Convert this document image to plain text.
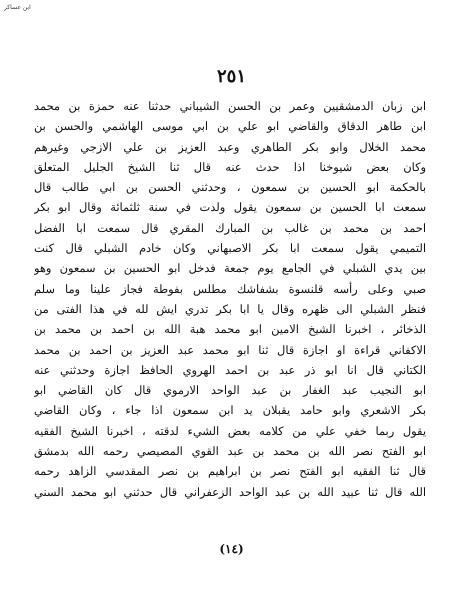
ابن عساكر
٢٥١
ابن زبان الدمشقيين وعمر بن الحسن الشيباني حدثنا عنه حمزة بن محمد
ابن طاهر الدقاق والقاضي ابو علي بن ابي موسى الهاشمي والحسن بن
محمد الخلال وابو بكر الطاهري وعبد العزيز بن علي الازجي وغيرهم
وكان بعض شيوخنا اذا حدث عنه قال ثنا الشيخ الجليل المتعلق
بالحكمة ابو الحسين بن سمعون ، وحدثني الحسن بن ابي طالب قال
سمعت ابا الحسين بن سمعون يقول ولدت في سنة ثلثمائة وقال ابو بكر
احمد بن محمد بن غالب بن المبارك المقري قال سمعت ابا الفضل
التميمي يقول سمعت ابا بكر الاصبهاني وكان خادم الشبلي قال كنت
بين يدي الشبلي في الجامع يوم جمعة فدخل ابو الحسين بن سمعون وهو
صبي وعلى رأسه قلنسوة بشفاشك مطلس بفوطة فجاز علينا وما سلم
فنظر الشبلي الى ظهره وقال يا ابا بكر تدري ايش لله في هذا الفتى من
الذخائر ، اخبرنا الشيخ الامين ابو محمد هبة الله بن احمد بن محمد بن
الاكفاني قراءة او اجازة قال ثنا ابو محمد عبد العزيز بن احمد بن محمد
الكتاني قال انا ابو ذر عبد بن احمد الهروي الحافظ اجازة وحدثني عنه
ابو النجيب عبد الغفار بن عبد الواحد الارموي قال كان القاضي ابو
بكر الاشعري وابو حامد يقبلان يد ابن سمعون اذا جاء ، وكان القاضي
يقول ربما خفي علي من كلامه بعض الشيء لدقته ، اخبرنا الشيخ الفقيه
ابو الفتح نصر الله بن محمد بن عبد القوي المصيصي رحمه الله بدمشق
قال ثنا الفقيه ابو الفتح نصر بن ابراهيم بن نصر المقدسي الزاهد رحمه
الله قال ثنا عبيد الله بن عبد الواحد الزعفراني قال حدثني ابو محمد السني
(١٤)
